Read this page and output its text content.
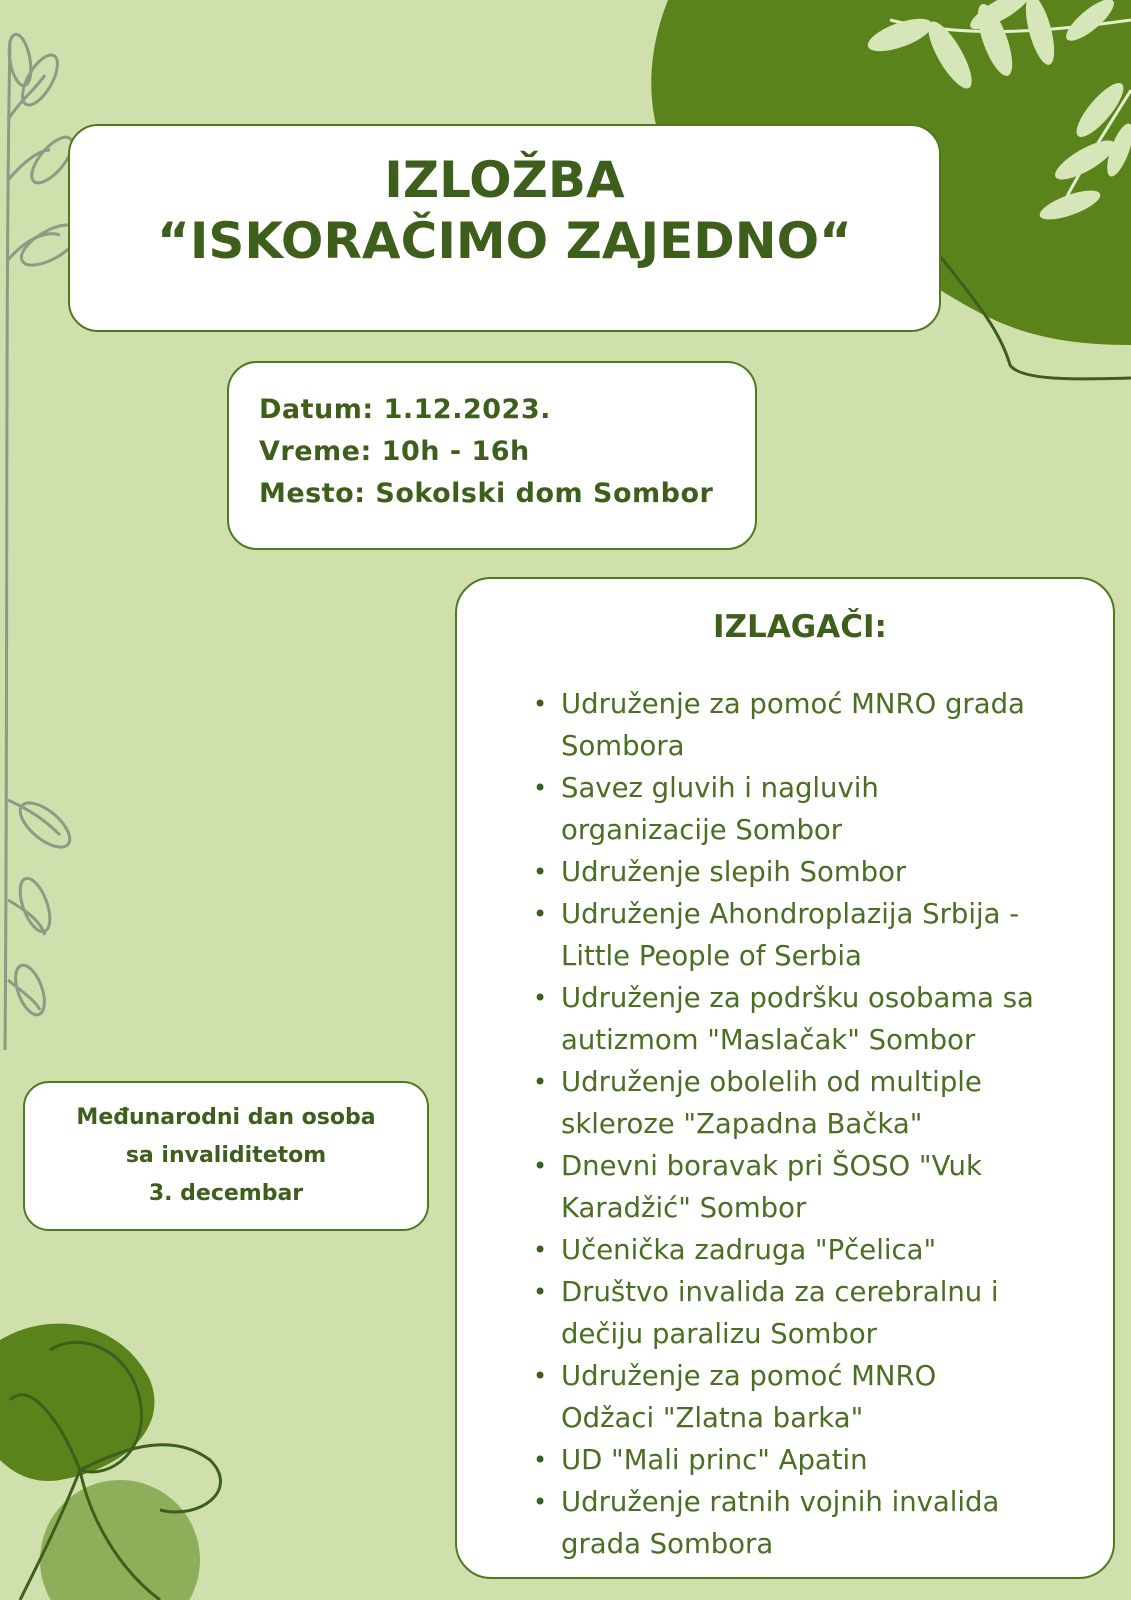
IZLOŽBA
“ISKORAČIMO ZAJEDNO“
Datum: 1.12.2023.
Vreme: 10h - 16h
Mesto: Sokolski dom Sombor
Međunarodni dan osoba
sa invaliditetom
3. decembar
IZLAGAČI:
• Udruženje za pomoć MNRO grada
Sombora
• Savez gluvih i nagluvih
organizacije Sombor
• Udruženje slepih Sombor
• Udruženje Ahondroplazija Srbija -
Little People of Serbia
• Udruženje za podršku osobama sa
autizmom "Maslačak" Sombor
• Udruženje obolelih od multiple
skleroze "Zapadna Bačka"
• Dnevni boravak pri ŠOSO "Vuk
Karadžić" Sombor
• Učenička zadruga "Pčelica"
• Društvo invalida za cerebralnu i
dečiju paralizu Sombor
• Udruženje za pomoć MNRO
Odžaci "Zlatna barka"
• UD "Mali princ" Apatin
• Udruženje ratnih vojnih invalida
grada Sombora
